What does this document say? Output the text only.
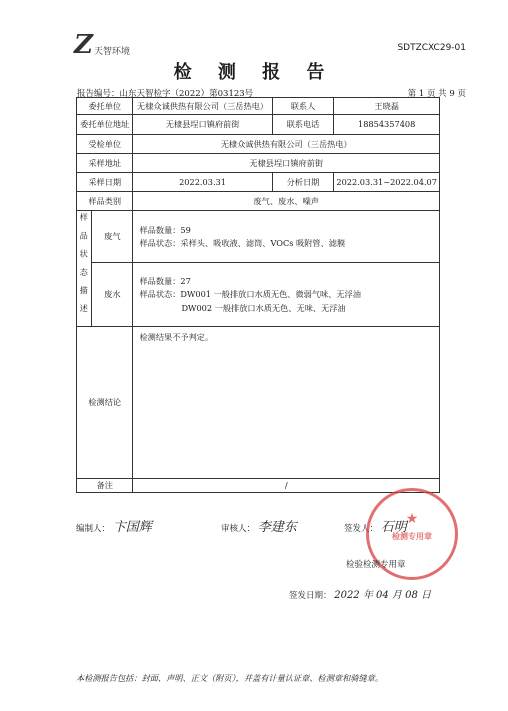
Z 天智环境	SDTZCXC29-01
检 测 报 告
报告编号：山东天智检字（2022）第03123号	第 1 页 共 9 页
委托单位		无棣众诚供热有限公司（三岳热电）	联系人	王晓磊
委托单位地址		无棣县埕口镇府前街	联系电话	18854357408
受检单位		无棣众诚供热有限公司（三岳热电）		
采样地址		无棣县埕口镇府前街		
采样日期		2022.03.31	分析日期	2022.03.31~2022.04.07
样品类别		废气、废水、噪声		
样品状态描述	废气	样品数量：59
样品状态：采样头、吸收液、滤筒、VOCs 吸附管、滤膜		

	废水	样品数量：27
样品状态：DW001 一般排放口水质无色、微弱气味、无浮油
DW002 一般排放口水质无色、无味、无浮油		

检测结论		检测结果不予判定。		
备注		/		
编制人： 卞国辉	审核人： 李建东	签发人： 石明
★
检测专用章
检验检测专用章
签发日期： 2022 年 04 月 08 日
本检测报告包括：封面、声明、正文（附页），并盖有计量认证章、检测章和骑缝章。
